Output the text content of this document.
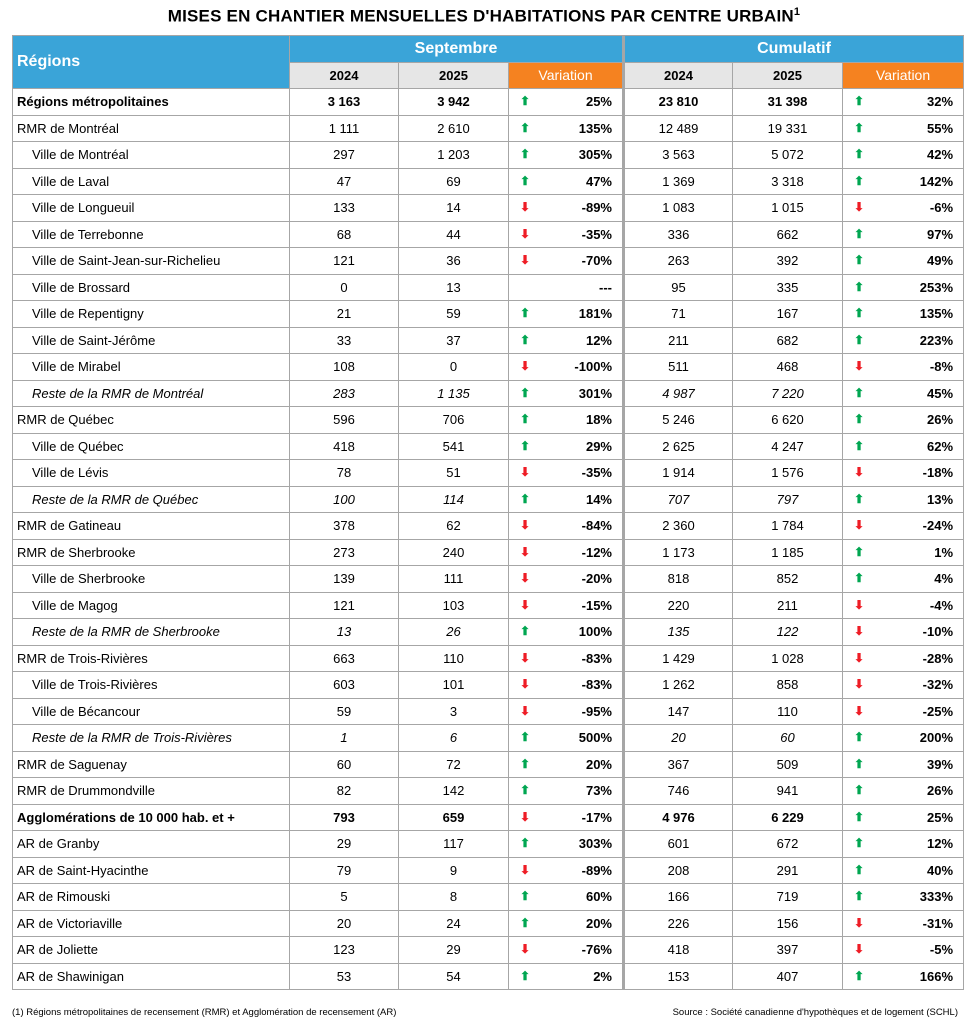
MISES EN CHANTIER MENSUELLES D'HABITATIONS PAR CENTRE URBAIN$^1$
Régions	Septembre			Cumulatif		
	2024	2025	Variation	2024	2025	Variation
Régions métropolitaines	3 163	3 942	⬆ 25%	23 810	31 398	⬆ 32%
RMR de Montréal	1 111	2 610	⬆ 135%	12 489	19 331	⬆ 55%
Ville de Montréal	297	1 203	⬆ 305%	3 563	5 072	⬆ 42%
Ville de Laval	47	69	⬆ 47%	1 369	3 318	⬆ 142%
Ville de Longueuil	133	14	⬇ -89%	1 083	1 015	⬇ -6%
Ville de Terrebonne	68	44	⬇ -35%	336	662	⬆ 97%
Ville de Saint-Jean-sur-Richelieu	121	36	⬇ -70%	263	392	⬆ 49%
Ville de Brossard	0	13	---	95	335	⬆ 253%
Ville de Repentigny	21	59	⬆ 181%	71	167	⬆ 135%
Ville de Saint-Jérôme	33	37	⬆ 12%	211	682	⬆ 223%
Ville de Mirabel	108	0	⬇ -100%	511	468	⬇ -8%
Reste de la RMR de Montréal	283	1 135	⬆ 301%	4 987	7 220	⬆ 45%
RMR de Québec	596	706	⬆ 18%	5 246	6 620	⬆ 26%
Ville de Québec	418	541	⬆ 29%	2 625	4 247	⬆ 62%
Ville de Lévis	78	51	⬇ -35%	1 914	1 576	⬇ -18%
Reste de la RMR de Québec	100	114	⬆ 14%	707	797	⬆ 13%
RMR de Gatineau	378	62	⬇ -84%	2 360	1 784	⬇ -24%
RMR de Sherbrooke	273	240	⬇ -12%	1 173	1 185	⬆ 1%
Ville de Sherbrooke	139	111	⬇ -20%	818	852	⬆ 4%
Ville de Magog	121	103	⬇ -15%	220	211	⬇ -4%
Reste de la RMR de Sherbrooke	13	26	⬆ 100%	135	122	⬇ -10%
RMR de Trois-Rivières	663	110	⬇ -83%	1 429	1 028	⬇ -28%
Ville de Trois-Rivières	603	101	⬇ -83%	1 262	858	⬇ -32%
Ville de Bécancour	59	3	⬇ -95%	147	110	⬇ -25%
Reste de la RMR de Trois-Rivières	1	6	⬆ 500%	20	60	⬆ 200%
RMR de Saguenay	60	72	⬆ 20%	367	509	⬆ 39%
RMR de Drummondville	82	142	⬆ 73%	746	941	⬆ 26%
Agglomérations de 10 000 hab. et +	793	659	⬇ -17%	4 976	6 229	⬆ 25%
AR de Granby	29	117	⬆ 303%	601	672	⬆ 12%
AR de Saint-Hyacinthe	79	9	⬇ -89%	208	291	⬆ 40%
AR de Rimouski	5	8	⬆ 60%	166	719	⬆ 333%
AR de Victoriaville	20	24	⬆ 20%	226	156	⬇ -31%
AR de Joliette	123	29	⬇ -76%	418	397	⬇ -5%
AR de Shawinigan	53	54	⬆ 2%	153	407	⬆ 166%
(1) Régions métropolitaines de recensement (RMR) et Agglomération de recensement (AR)	Source : Société canadienne d'hypothèques et de logement (SCHL)
